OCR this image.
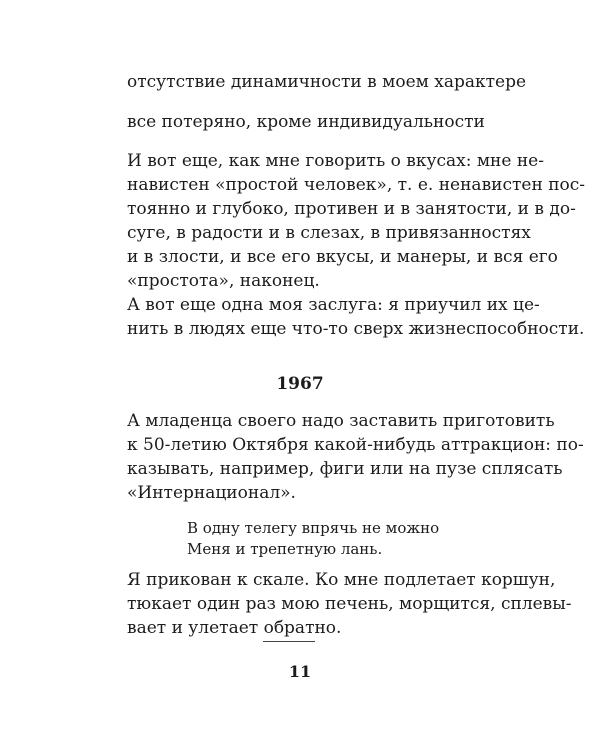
отсутствие динамичности в моем характере
все потеряно, кроме индивидуальности
И вот еще, как мне говорить о вкусах: мне не-
навистен «простой человек», т. е. ненавистен пос-
тоянно и глубоко, противен и в занятости, и в до-
суге, в радости и в слезах, в привязанностях
и в злости, и все его вкусы, и манеры, и вся его
«простота», наконец.
А вот еще одна моя заслуга: я приучил их це-
нить в людях еще что-то сверх жизнеспособности.
1967
А младенца своего надо заставить приготовить
к 50-летию Октября какой-нибудь аттракцион: по-
казывать, например, фиги или на пузе сплясать
«Интернационал».
В одну телегу впрячь не можно
Меня и трепетную лань.
Я прикован к скале. Ко мне подлетает коршун,
тюкает один раз мою печень, морщится, сплевы-
вает и улетает обратно.
11
